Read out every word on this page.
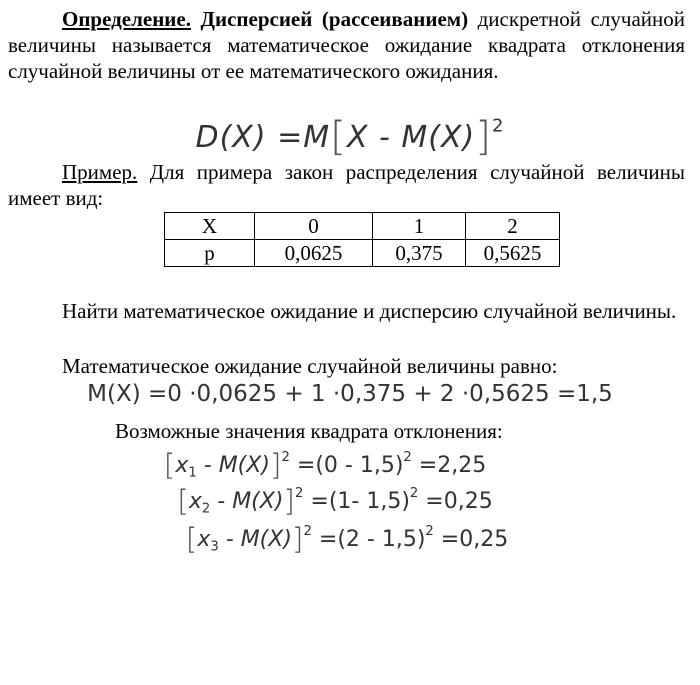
Определение. Дисперсией (рассеиванием) дискретной случайной величины называется математическое ожидание квадрата отклонения случайной величины от ее математического ожидания.

D(X) =M[X - M(X)]$^2$

Пример. Для примера закон распределения случайной величины имеет вид:

X	0	1	2
p	0,0625	0,375	0,5625

Найти математическое ожидание и дисперсию случайной величины.

Математическое ожидание случайной величины равно:
M(X) =0 ·0,0625 + 1 ·0,375 + 2 ·0,5625 =1,5
Возможные значения квадрата отклонения:
$[x_1 - M(X)]^2 =(0 - 1,5)^2 =2,25$
$[x_2 - M(X)]^2 =(1-$ 1,5)$^2$ =0,25
$[x_3 - M(X)]^2 =(2 - 1,5)^2 =0,25$
